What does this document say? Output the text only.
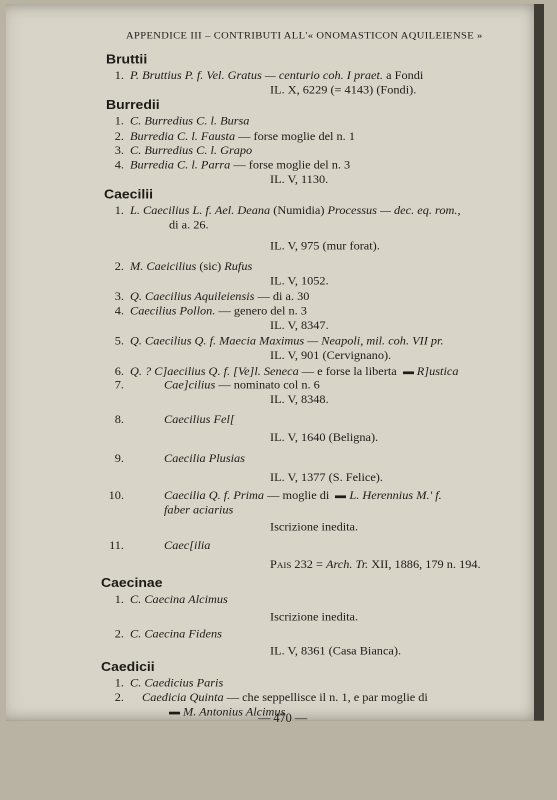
APPENDICE III – CONTRIBUTI ALL'« ONOMASTICON AQUILEIENSE »
Bruttii
1. P. Bruttius P. f. Vel. Gratus — centurio coh. I praet. a Fondi
IL. X, 6229 (= 4143) (Fondi).
Burredii
1. C. Burredius C. l. Bursa
2. Burredia C. l. Fausta — forse moglie del n. 1
3. C. Burredius C. l. Grapo
4. Burredia C. l. Parra — forse moglie del n. 3
IL. V, 1130.
Caecilii
1. L. Caecilius L. f. Ael. Deana (Numidia) Processus — dec. eq. rom.,
di a. 26.
IL. V, 975 (mur forat).
2. M. Caeicilius (sic) Rufus
IL. V, 1052.
3. Q. Caecilius Aquileiensis — di a. 30
4. Caecilius Pollon. — genero del n. 3
IL. V, 8347.
5. Q. Caecilius Q. f. Maecia Maximus — Neapoli, mil. coh. VII pr.
IL. V, 901 (Cervignano).
6. Q. ? C]aecilius Q. f. [Ve]l. Seneca — e forse la liberta R]ustica
7.	Cae]cilius — nominato col n. 6
IL. V, 8348.
8.	Caecilius Fel[
IL. V, 1640 (Beligna).
9.	Caecilia Plusias
IL. V, 1377 (S. Felice).
10.	Caecilia Q. f. Prima — moglie di L. Herennius M.' f.
faber aciarius
Iscrizione inedita.
11.	Caec[ilia
Pais 232 = Arch. Tr. XII, 1886, 179 n. 194.
Caecinae
1. C. Caecina Alcimus
Iscrizione inedita.
2. C. Caecina Fidens
IL. V, 8361 (Casa Bianca).
Caedicii
1. C. Caedicius Paris
2. Caedicia Quinta — che seppellisce il n. 1, e par moglie di
M. Antonius Alcimus
— 470 —
